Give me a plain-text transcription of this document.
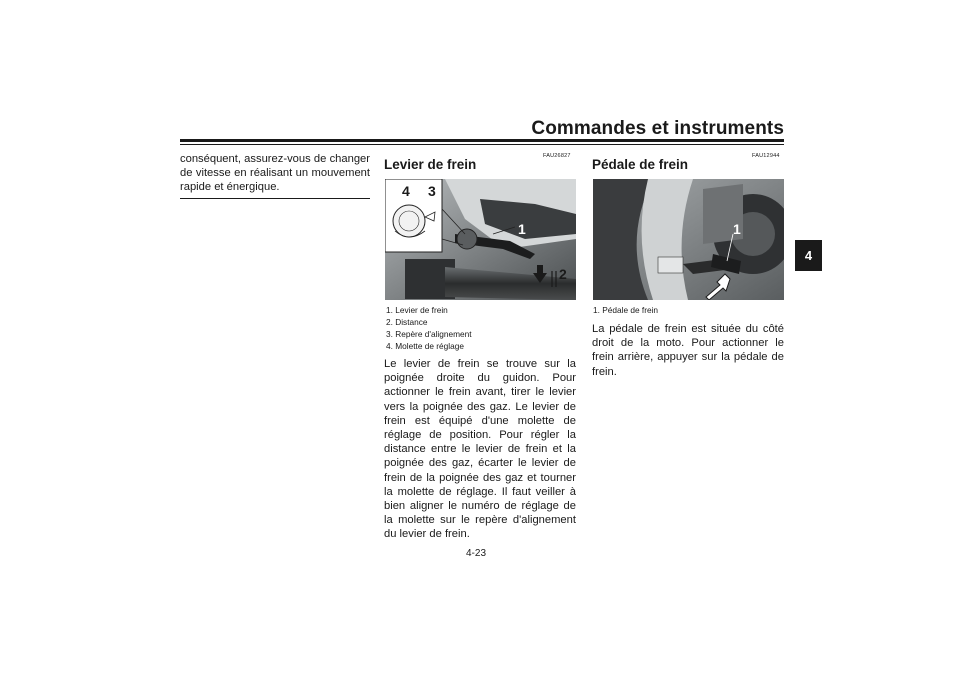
Commandes et instruments
4
conséquent, assurez-vous de changer de vitesse en réalisant un mouvement rapide et énergique.
FAU26827
Levier de frein
4 3
1
2
1. Levier de frein
2. Distance
3. Repère d'alignement
4. Molette de réglage
Le levier de frein se trouve sur la poignée droite du guidon. Pour actionner le frein avant, tirer le levier vers la poignée des gaz. Le levier de frein est équipé d'une molette de réglage de position. Pour régler la distance entre le levier de frein et la poignée des gaz, écarter le levier de frein de la poignée des gaz et tourner la molette de réglage. Il faut veiller à bien aligner le numéro de réglage de la molette sur le repère d'alignement du levier de frein.
FAU12944
Pédale de frein
1
1. Pédale de frein
La pédale de frein est située du côté droit de la moto. Pour actionner le frein arrière, appuyer sur la pédale de frein.
4-23
